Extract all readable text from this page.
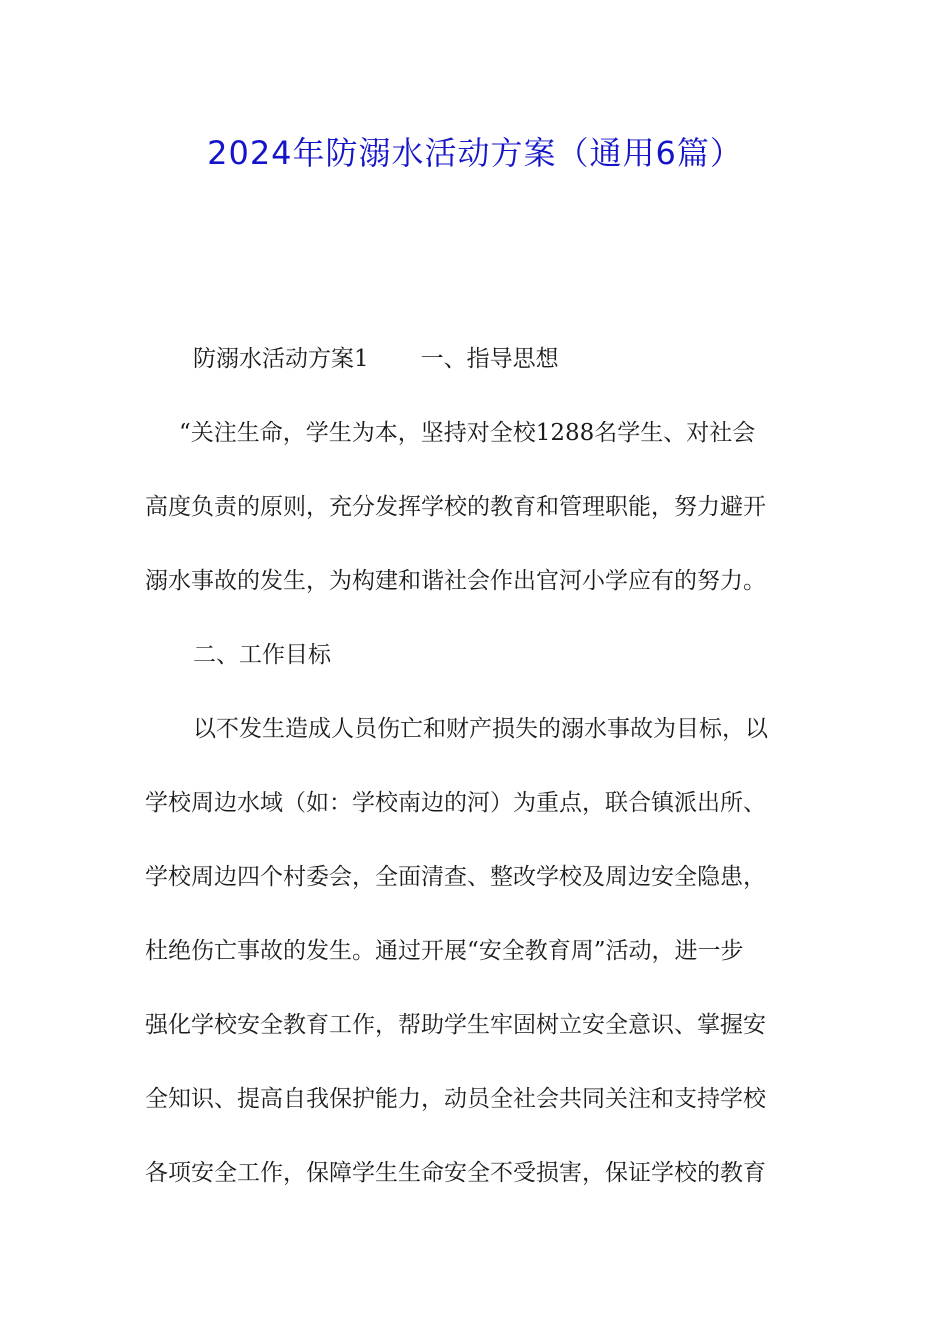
2024年防溺水活动方案（通用6篇）
防溺水活动方案1 一、指导思想
“关注生命，学生为本，坚持对全校1288名学生、对社会
高度负责的原则，充分发挥学校的教育和管理职能，努力避开
溺水事故的发生，为构建和谐社会作出官河小学应有的努力。
二、工作目标
以不发生造成人员伤亡和财产损失的溺水事故为目标，以
学校周边水域（如：学校南边的河）为重点，联合镇派出所、
学校周边四个村委会，全面清查、整改学校及周边安全隐患，
杜绝伤亡事故的发生。通过开展“安全教育周”活动，进一步
强化学校安全教育工作，帮助学生牢固树立安全意识、掌握安
全知识、提高自我保护能力，动员全社会共同关注和支持学校
各项安全工作，保障学生生命安全不受损害，保证学校的教育
